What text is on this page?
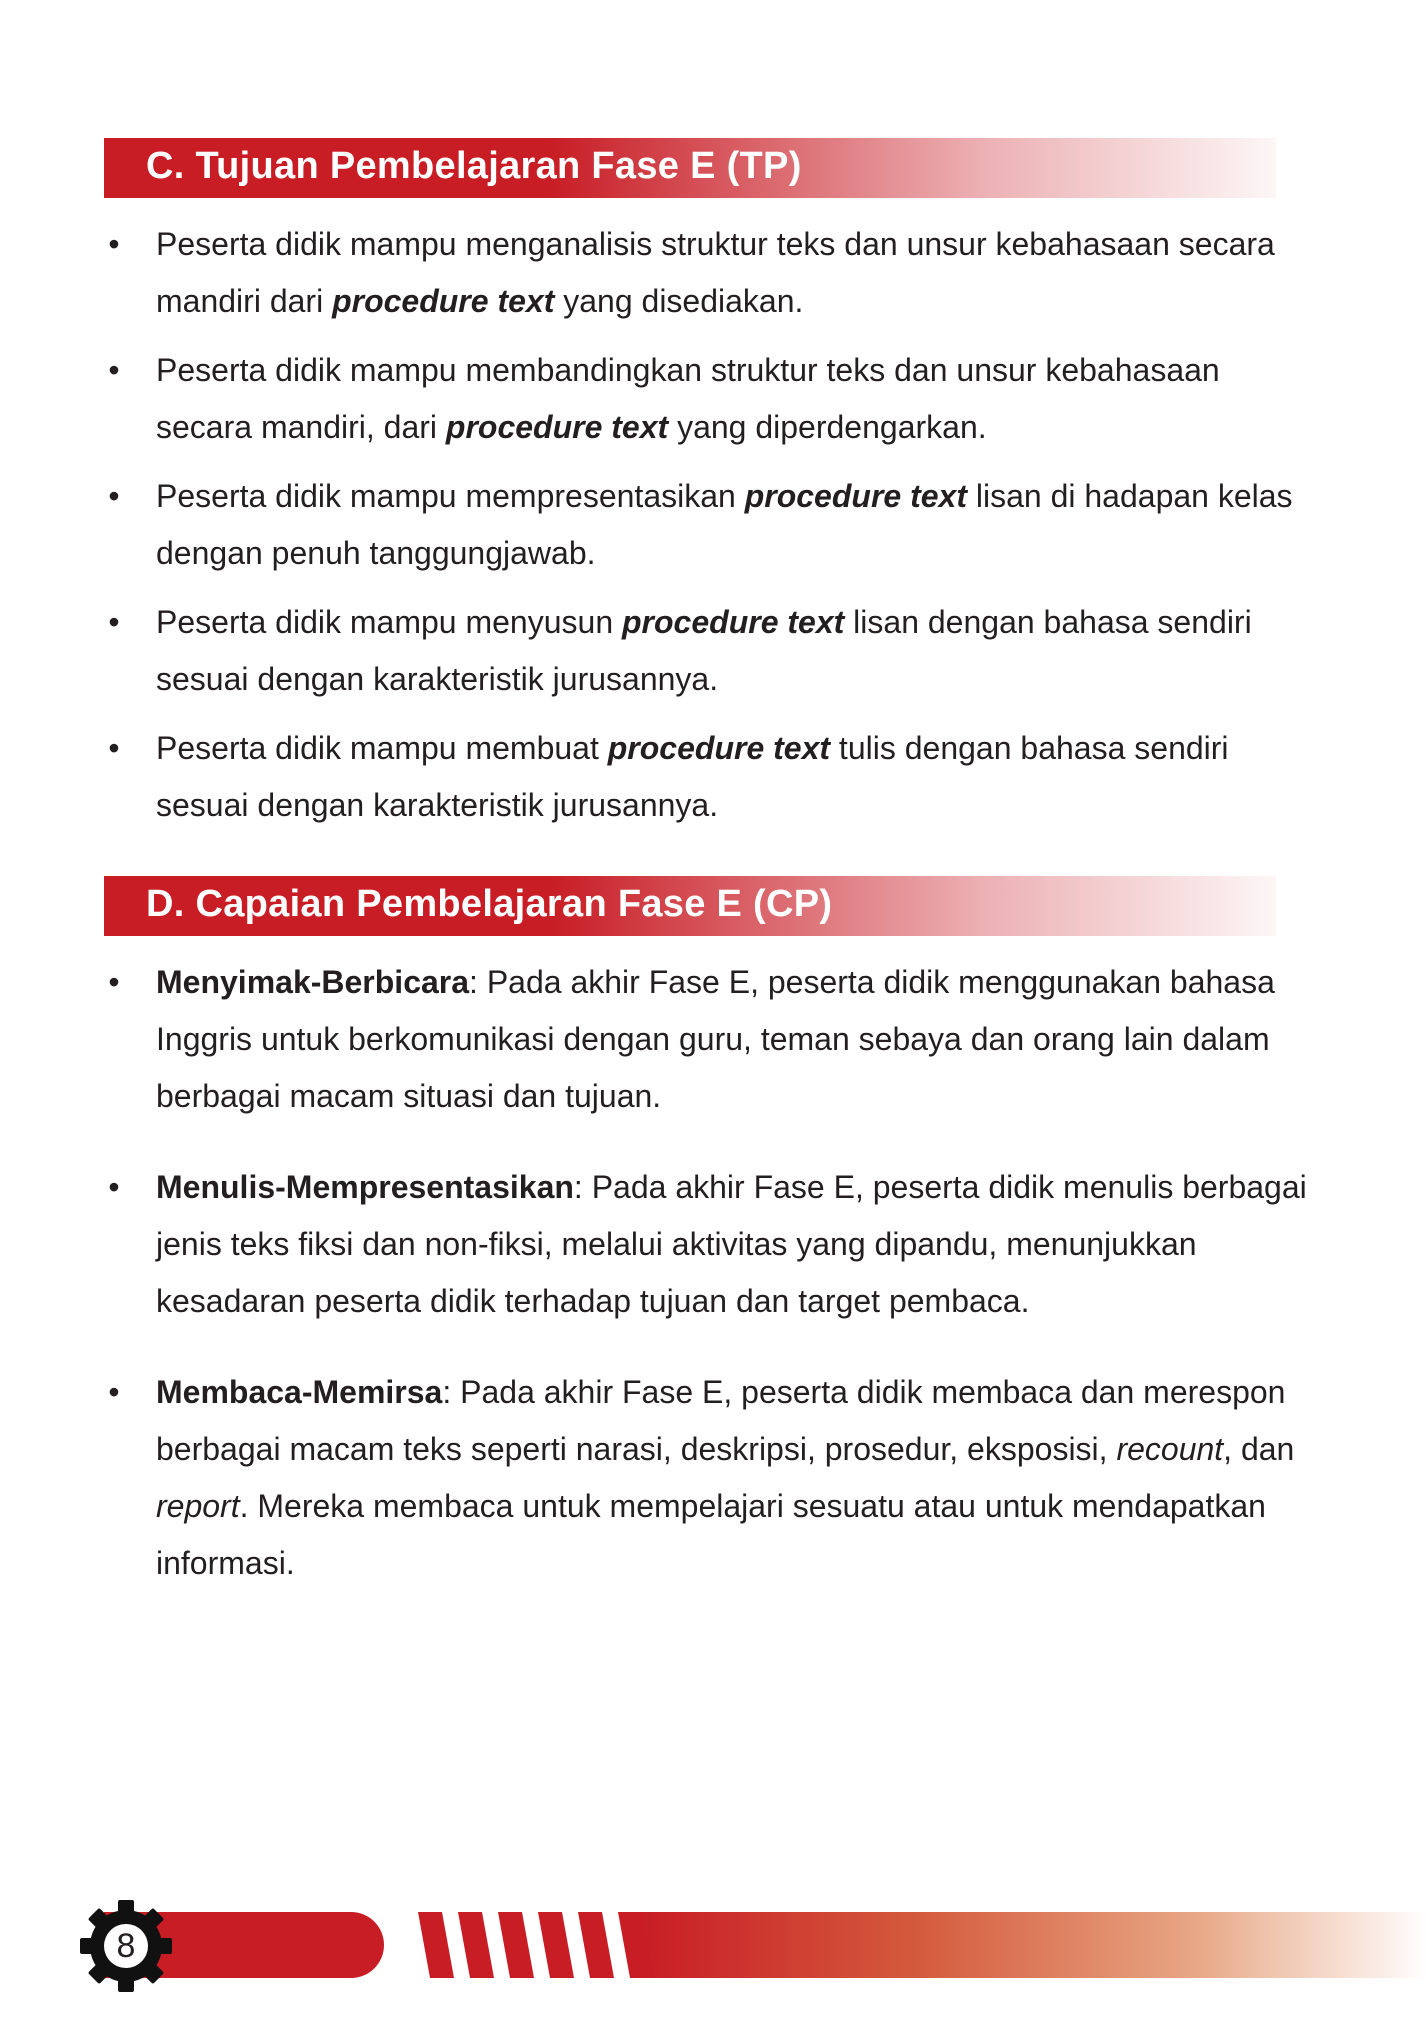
C. Tujuan Pembelajaran Fase E (TP)
• Peserta didik mampu menganalisis struktur teks dan unsur kebahasaan secara mandiri dari procedure text yang disediakan.
• Peserta didik mampu membandingkan struktur teks dan unsur kebahasaan secara mandiri, dari procedure text yang diperdengarkan.
• Peserta didik mampu mempresentasikan procedure text lisan di hadapan kelas dengan penuh tanggungjawab.
• Peserta didik mampu menyusun procedure text lisan dengan bahasa sendiri sesuai dengan karakteristik jurusannya.
• Peserta didik mampu membuat procedure text tulis dengan bahasa sendiri sesuai dengan karakteristik jurusannya.
D. Capaian Pembelajaran Fase E (CP)
• Menyimak-Berbicara: Pada akhir Fase E, peserta didik menggunakan bahasa Inggris untuk berkomunikasi dengan guru, teman sebaya dan orang lain dalam berbagai macam situasi dan tujuan.
• Menulis-Mempresentasikan: Pada akhir Fase E, peserta didik menulis berbagai jenis teks fiksi dan non-fiksi, melalui aktivitas yang dipandu, menunjukkan kesadaran peserta didik terhadap tujuan dan target pembaca.
• Membaca-Memirsa: Pada akhir Fase E, peserta didik membaca dan merespon berbagai macam teks seperti narasi, deskripsi, prosedur, eksposisi, recount, dan report. Mereka membaca untuk mempelajari sesuatu atau untuk mendapatkan informasi.
8
